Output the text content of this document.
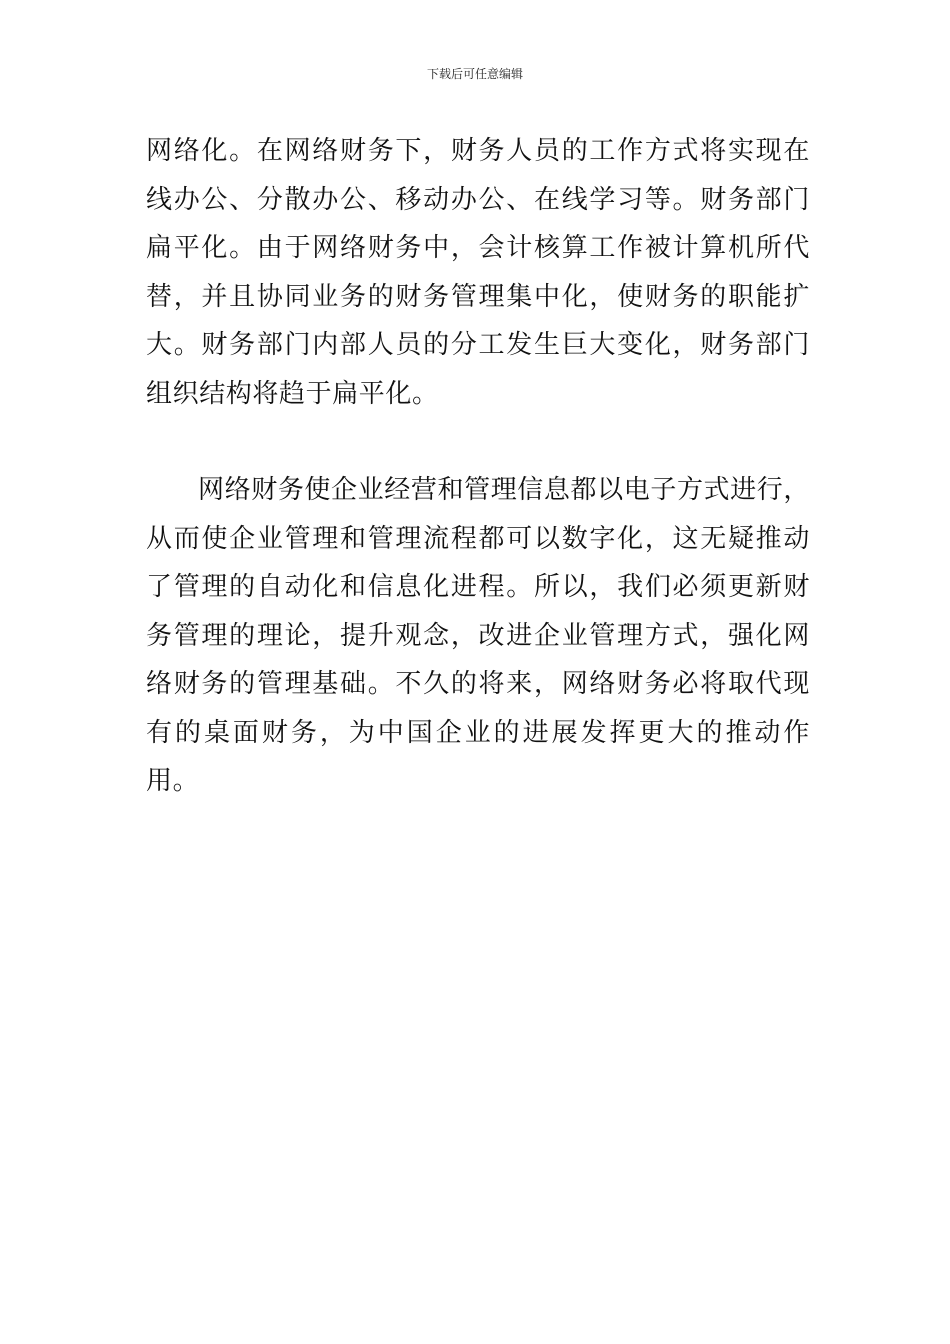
下载后可任意编辑

网络化。在网络财务下，财务人员的工作方式将实现在线办公、分散办公、移动办公、在线学习等。财务部门扁平化。由于网络财务中，会计核算工作被计算机所代替，并且协同业务的财务管理集中化，使财务的职能扩大。财务部门内部人员的分工发生巨大变化，财务部门组织结构将趋于扁平化。

网络财务使企业经营和管理信息都以电子方式进行，从而使企业管理和管理流程都可以数字化，这无疑推动了管理的自动化和信息化进程。所以，我们必须更新财务管理的理论，提升观念，改进企业管理方式，强化网络财务的管理基础。不久的将来，网络财务必将取代现有的桌面财务，为中国企业的进展发挥更大的推动作用。
